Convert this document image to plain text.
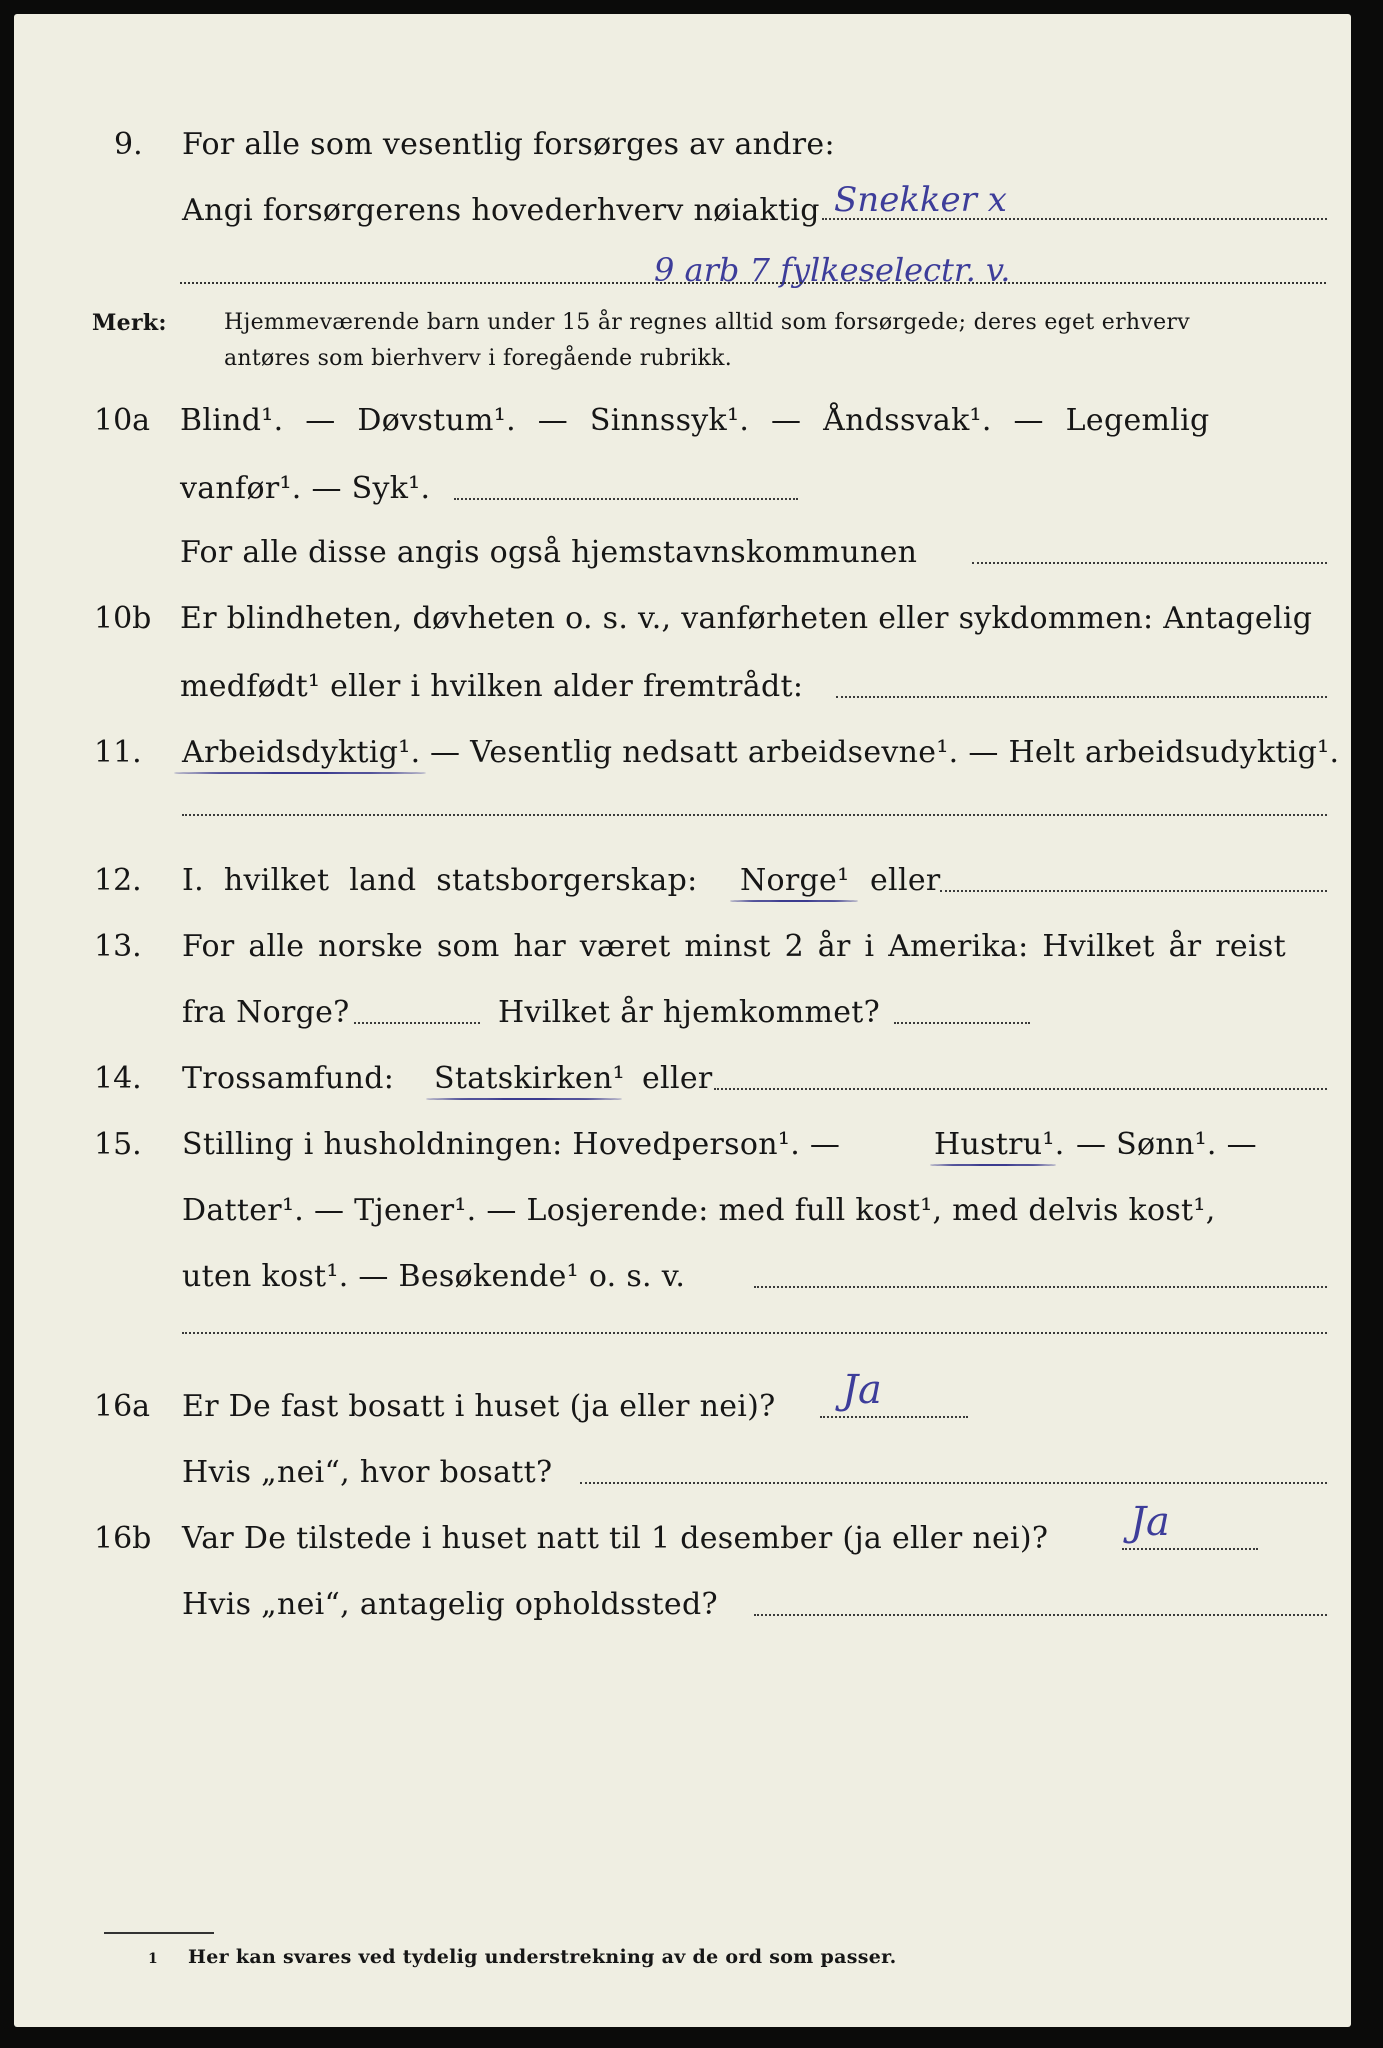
9. For alle som vesentlig forsørges av andre:
Angi forsørgerens hovederhverv nøiaktig Snekker x
9 arb 7 fylkeselectr. v.
Merk:	Hjemmeværende barn under 15 år regnes alltid som forsørgede; deres eget erhverv
antøres som bierhverv i foregående rubrikk.
10a Blind¹. — Døvstum¹. — Sinnssyk¹. — Åndssvak¹. — Legemlig
vanfør¹. — Syk¹.
For alle disse angis også hjemstavnskommunen
10b Er blindheten, døvheten o. s. v., vanførheten eller sykdommen: Antagelig
medfødt¹ eller i hvilken alder fremtrådt:
11. Arbeidsdyktig¹. — Vesentlig nedsatt arbeidsevne¹. — Helt arbeidsudyktig¹.
12. I. hvilket land statsborgerskap: Norge¹ eller
13. For alle norske som har været minst 2 år i Amerika: Hvilket år reist
fra Norge?	Hvilket år hjemkommet?
14. Trossamfund: Statskirken¹ eller
15. Stilling i husholdningen: Hovedperson¹. —	Hustru¹. — Sønn¹. —
Datter¹. — Tjener¹. — Losjerende: med full kost¹, med delvis kost¹,
uten kost¹. — Besøkende¹ o. s. v.
16a Er De fast bosatt i huset (ja eller nei)? Ja
Hvis „nei“, hvor bosatt?
16b Var De tilstede i huset natt til 1 desember (ja eller nei)? Ja
Hvis „nei“, antagelig opholdssted?
1 Her kan svares ved tydelig understrekning av de ord som passer.
